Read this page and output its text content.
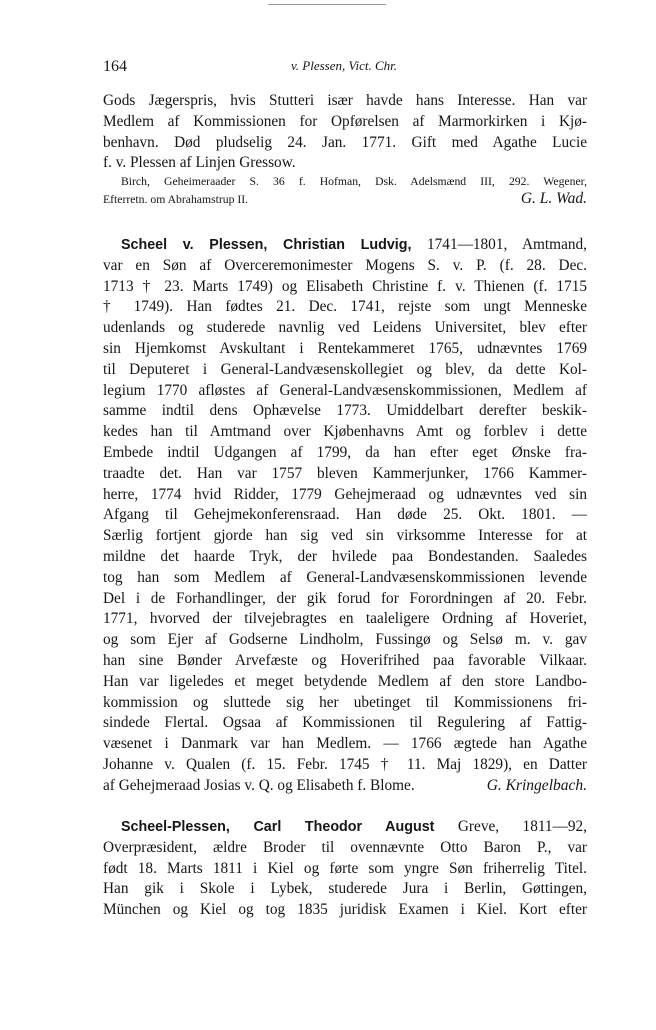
164	v. Plessen, Vict. Chr.
Gods Jægerspris, hvis Stutteri især havde hans Interesse. Han var
Medlem af Kommissionen for Opførelsen af Marmorkirken i Kjø-
benhavn. Død pludselig 24. Jan. 1771. Gift med Agathe Lucie
f. v. Plessen af Linjen Gressow.
Birch, Geheimeraader S. 36 f. Hofman, Dsk. Adelsmænd III, 292. Wegener,
Efterretn. om Abrahamstrup II.	G. L. Wad.
Scheel v. Plessen, Christian Ludvig, 1741—1801, Amtmand,
var en Søn af Overceremonimester Mogens S. v. P. (f. 28. Dec.
1713 † 23. Marts 1749) og Elisabeth Christine f. v. Thienen (f. 1715
† 1749). Han fødtes 21. Dec. 1741, rejste som ungt Menneske
udenlands og studerede navnlig ved Leidens Universitet, blev efter
sin Hjemkomst Avskultant i Rentekammeret 1765, udnævntes 1769
til Deputeret i General-Landvæsenskollegiet og blev, da dette Kol-
legium 1770 afløstes af General-Landvæsenskommissionen, Medlem af
samme indtil dens Ophævelse 1773. Umiddelbart derefter beskik-
kedes han til Amtmand over Kjøbenhavns Amt og forblev i dette
Embede indtil Udgangen af 1799, da han efter eget Ønske fra-
traadte det. Han var 1757 bleven Kammerjunker, 1766 Kammer-
herre, 1774 hvid Ridder, 1779 Gehejmeraad og udnævntes ved sin
Afgang til Gehejmekonferensraad. Han døde 25. Okt. 1801. —
Særlig fortjent gjorde han sig ved sin virksomme Interesse for at
mildne det haarde Tryk, der hvilede paa Bondestanden. Saaledes
tog han som Medlem af General-Landvæsenskommissionen levende
Del i de Forhandlinger, der gik forud for Forordningen af 20. Febr.
1771, hvorved der tilvejebragtes en taaleligere Ordning af Hoveriet,
og som Ejer af Godserne Lindholm, Fussingø og Selsø m. v. gav
han sine Bønder Arvefæste og Hoverifrihed paa favorable Vilkaar.
Han var ligeledes et meget betydende Medlem af den store Landbo-
kommission og sluttede sig her ubetinget til Kommissionens fri-
sindede Flertal. Ogsaa af Kommissionen til Regulering af Fattig-
væsenet i Danmark var han Medlem. — 1766 ægtede han Agathe
Johanne v. Qualen (f. 15. Febr. 1745 † 11. Maj 1829), en Datter
af Gehejmeraad Josias v. Q. og Elisabeth f. Blome.	G. Kringelbach.
Scheel-Plessen, Carl Theodor August Greve, 1811—92,
Overpræsident, ældre Broder til ovennævnte Otto Baron P., var
født 18. Marts 1811 i Kiel og førte som yngre Søn friherrelig Titel.
Han gik i Skole i Lybek, studerede Jura i Berlin, Gøttingen,
München og Kiel og tog 1835 juridisk Examen i Kiel. Kort efter
